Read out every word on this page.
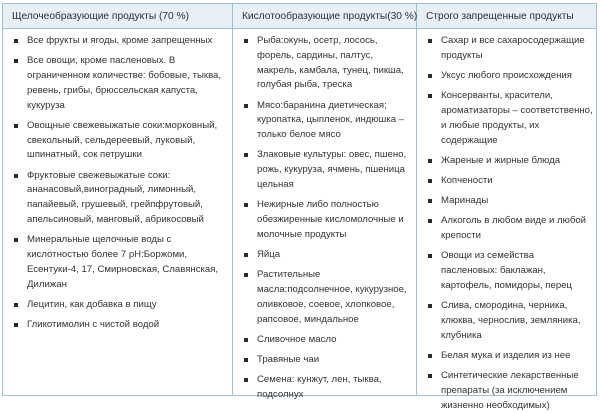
Щелочеобразующие продукты (70 %)	Кислотообразующие продукты(30 %) Строго запрещенные продукты
Все фрукты и ягоды, кроме запрещенных
Все овощи, кроме пасленовых. В ограниченном количестве: бобовые, тыква, ревень, грибы, брюссельская капуста, кукуруза
Овощные свежевыжатые соки:морковный, свекольный, сельдереевый, луковый, шпинатный, сок петрушки
Фруктовые свежевыжатые соки: ананасовый,виноградный, лимонный, папайевый, грушевый, грейпфрутовый, апельсиновый, манговый, абрикосовый
Минеральные щелочные воды с кислотностью более 7 pH:Боржоми, Есентуки-4, 17, Смирновская, Славянская, Дилижан
Лецитин, как добавка в пищу
Гликотимолин с чистой водой
Рыба:окунь, осетр, лосось, форель, сардины, палтус, макрель, камбала, тунец, пикша, голубая рыба, треска
Мясо:баранина диетическая; куропатка, цыпленок, индюшка – только белое мясо
Злаковые культуры: овес, пшено, рожь, кукуруза, ячмень, пшеница цельная
Нежирные либо полностью обезжиренные кисломолочные и молочные продукты
Яйца
Растительные масла:подсолнечное, кукурузное, оливковое, соевое, хлопковое, рапсовое, миндальное
Сливочное масло
Травяные чаи
Семена: кунжут, лен, тыква, подсолнух
Сахар и все сахаросодержащие продукты
Уксус любого происхождения
Консерванты, красители, ароматизаторы – соответственно, и любые продукты, их содержащие
Жареные и жирные блюда
Копчености
Маринады
Алкоголь в любом виде и любой крепости
Овощи из семейства пасленовых: баклажан, картофель, помидоры, перец
Слива, смородина, черника, клюква, чернослив, земляника, клубника
Белая мука и изделия из нее
Синтетические лекарственные препараты (за исключением жизненно необходимых)
